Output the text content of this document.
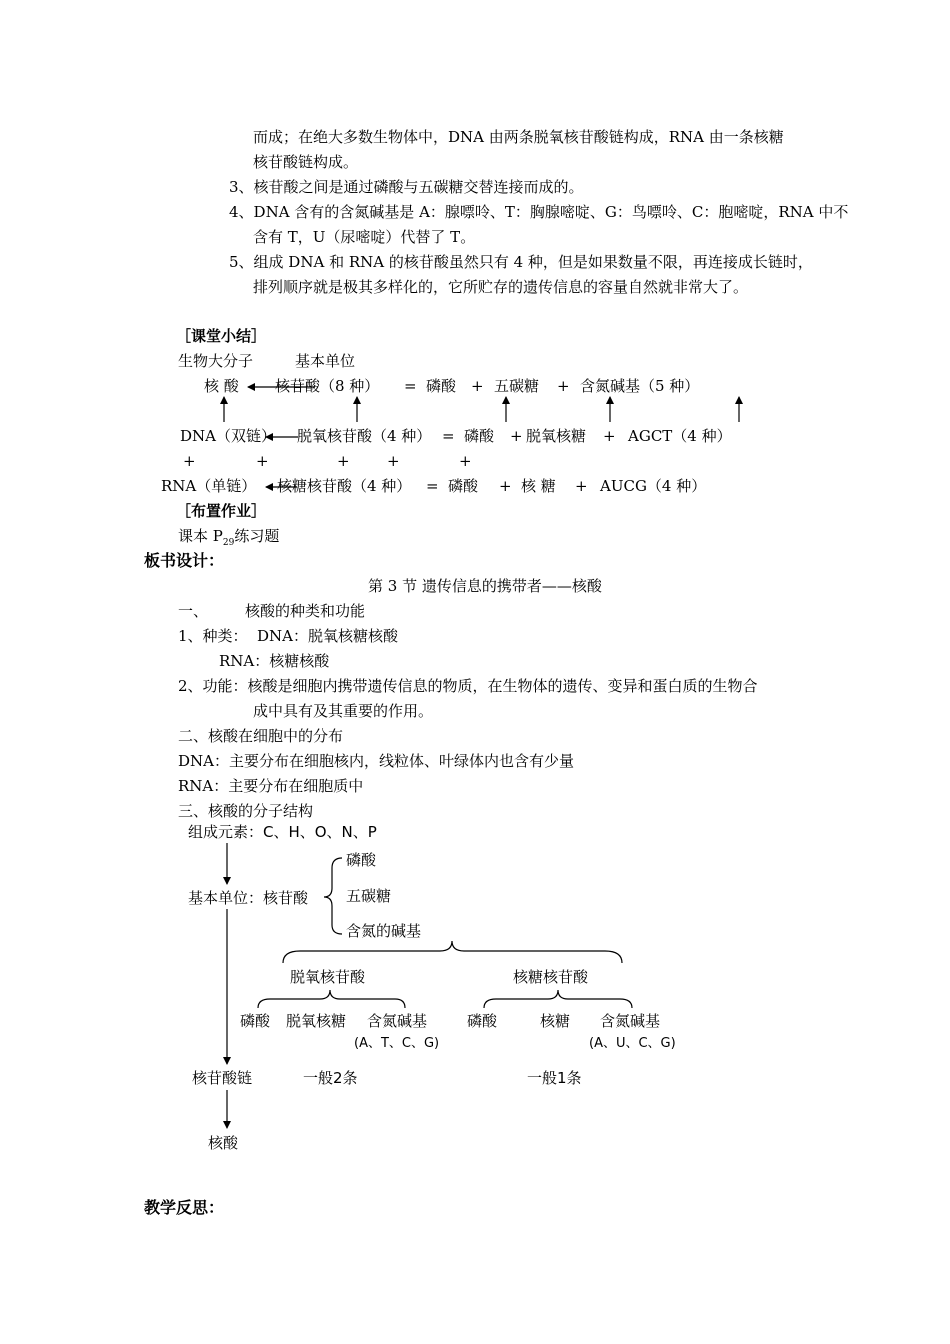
而成；在绝大多数生物体中，DNA 由两条脱氧核苷酸链构成，RNA 由一条核糖
核苷酸链构成。
3、核苷酸之间是通过磷酸与五碳糖交替连接而成的。
4、DNA 含有的含氮碱基是 A：腺嘌呤、T：胸腺嘧啶、G：鸟嘌呤、C：胞嘧啶，RNA 中不
含有 T，U（尿嘧啶）代替了 T。
5、组成 DNA 和 RNA 的核苷酸虽然只有 4 种，但是如果数量不限，再连接成长链时，
排列顺序就是极其多样化的，它所贮存的遗传信息的容量自然就非常大了。
［课堂小结］
生物大分子	基本单位
核 酸 核苷酸（8 种） = 磷酸 + 五碳糖 + 含氮碱基（5 种）
DNA（双链） 脱氧核苷酸（4 种） = 磷酸 + 脱氧核糖 + AGCT（4 种）
+	+	+ +	+
RNA（单链） 核糖核苷酸（4 种） = 磷酸 + 核 糖 + AUCG（4 种）
［布置作业］
课本 $P_{29}$练习题
板书设计：
第 3 节 遗传信息的携带者——核酸
一、 核酸的种类和功能
1、种类： DNA：脱氧核糖核酸
RNA：核糖核酸
2、功能：核酸是细胞内携带遗传信息的物质，在生物体的遗传、变异和蛋白质的生物合
成中具有及其重要的作用。
二、核酸在细胞中的分布
DNA：主要分布在细胞核内，线粒体、叶绿体内也含有少量
RNA：主要分布在细胞质中
三、核酸的分子结构
组成元素：C、H、O、N、P
基本单位：核苷酸
磷酸
五碳糖
含氮的碱基
脱氧核苷酸	核糖核苷酸
磷酸 脱氧核糖 含氮碱基
(A、T、C、G)
磷酸	核糖 含氮碱基
(A、U、C、G)
核苷酸链	一般2条	一般1条
核酸
教学反思：
